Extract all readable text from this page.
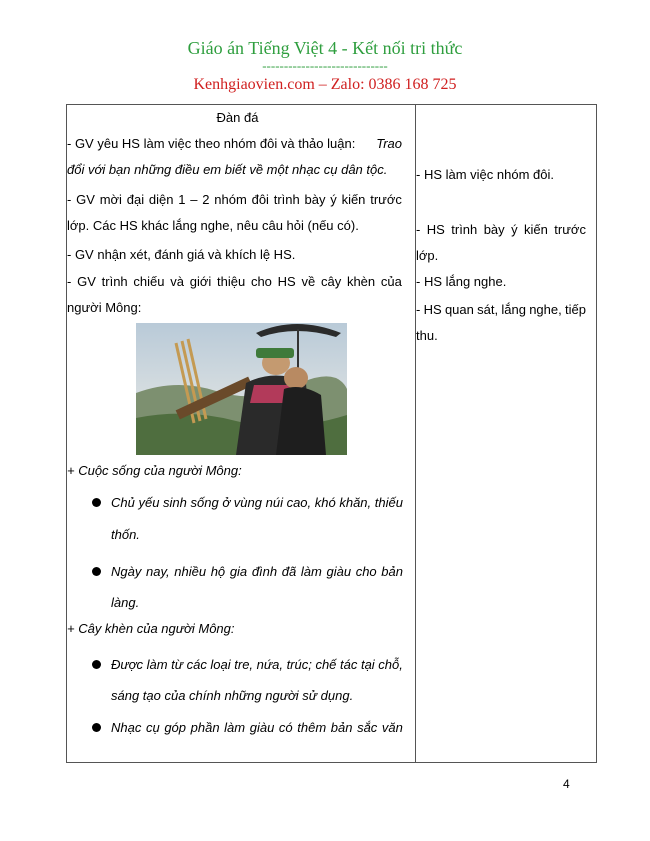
Giáo án Tiếng Việt 4 - Kết nối tri thức
-----------------------------
Kenhgiaovien.com – Zalo: 0386 168 725
Đàn đá
- GV yêu HS làm việc theo nhóm đôi và thảo luận: Trao
đổi với bạn những điều em biết về một nhạc cụ dân tộc.
- GV mời đại diện 1 – 2 nhóm đôi trình bày ý kiến trước
lớp. Các HS khác lắng nghe, nêu câu hỏi (nếu có).
- GV nhận xét, đánh giá và khích lệ HS.
- GV trình chiếu và giới thiệu cho HS về cây khèn của
người Mông:
+ Cuộc sống của người Mông:
Chủ yếu sinh sống ở vùng núi cao, khó khăn, thiếu
thốn.
Ngày nay, nhiều hộ gia đình đã làm giàu cho bản
làng.
+ Cây khèn của người Mông:
Được làm từ các loại tre, nứa, trúc; chế tác tại chỗ,
sáng tạo của chính những người sử dụng.
Nhạc cụ góp phần làm giàu có thêm bản sắc văn
- HS làm việc nhóm đôi.
- HS trình bày ý kiến trước
lớp.
- HS lắng nghe.
- HS quan sát, lắng nghe, tiếp
thu.
4
